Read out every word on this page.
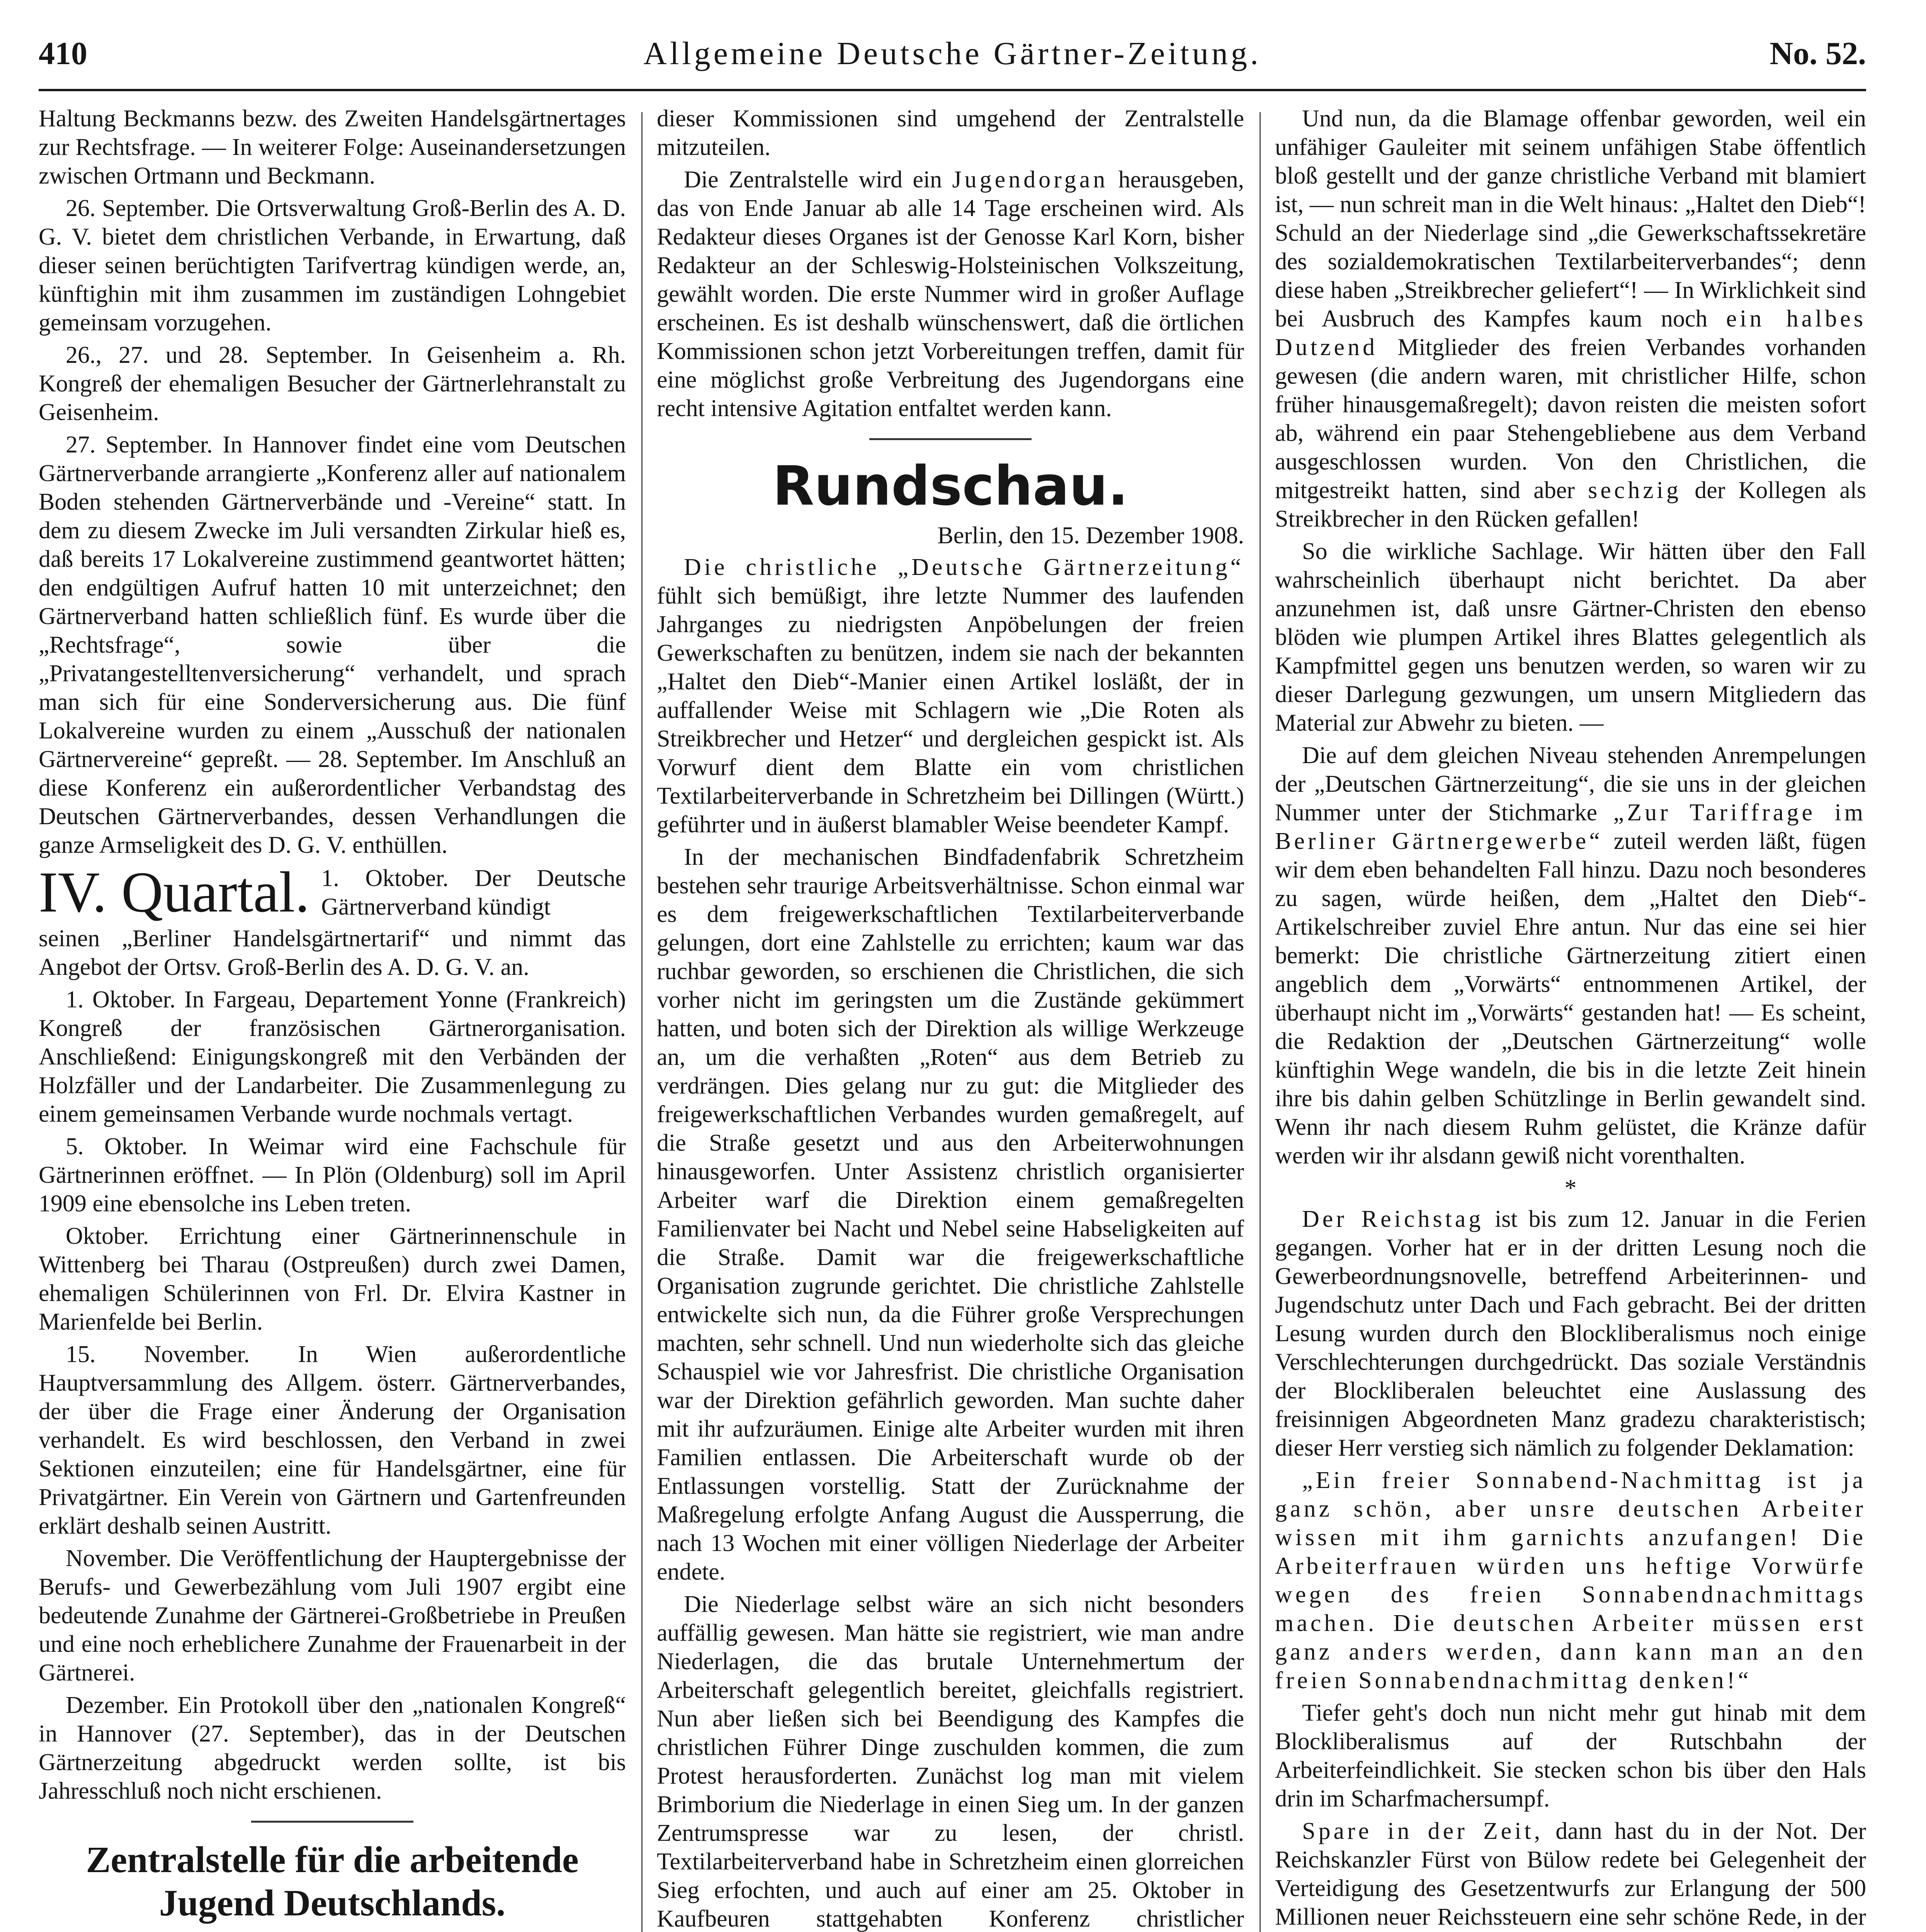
410	Allgemeine Deutsche Gärtner-Zeitung.	No. 52.

Haltung Beckmanns bezw. des Zweiten Handelsgärtnertages zur Rechtsfrage. — In weiterer Folge: Auseinandersetzungen zwischen Ortmann und Beckmann.

26. September. Die Ortsverwaltung Groß-Berlin des A. D. G. V. bietet dem christlichen Verbande, in Erwartung, daß dieser seinen berüchtigten Tarifvertrag kündigen werde, an, künftighin mit ihm zusammen im zuständigen Lohngebiet gemeinsam vorzugehen.

26., 27. und 28. September. In Geisenheim a. Rh. Kongreß der ehemaligen Besucher der Gärtnerlehranstalt zu Geisenheim.

27. September. In Hannover findet eine vom Deutschen Gärtnerverbande arrangierte „Konferenz aller auf nationalem Boden stehenden Gärtnerverbände und -Vereine“ statt. In dem zu diesem Zwecke im Juli versandten Zirkular hieß es, daß bereits 17 Lokalvereine zustimmend geantwortet hätten; den endgültigen Aufruf hatten 10 mit unterzeichnet; den Gärtnerverband hatten schließlich fünf. Es wurde über die „Rechtsfrage“, sowie über die „Privatangestelltenversicherung“ verhandelt, und sprach man sich für eine Sonderversicherung aus. Die fünf Lokalvereine wurden zu einem „Ausschuß der nationalen Gärtnervereine“ gepreßt. — 28. September. Im Anschluß an diese Konferenz ein außerordentlicher Verbandstag des Deutschen Gärtnerverbandes, dessen Verhandlungen die ganze Armseligkeit des D. G. V. enthüllen.

IV. Quartal. 1. Oktober. Der Deutsche Gärtnerverband kündigt

seinen „Berliner Handelsgärtnertarif“ und nimmt das Angebot der Ortsv. Groß-Berlin des A. D. G. V. an.

1. Oktober. In Fargeau, Departement Yonne (Frankreich) Kongreß der französischen Gärtnerorganisation. Anschließend: Einigungskongreß mit den Verbänden der Holzfäller und der Landarbeiter. Die Zusammenlegung zu einem gemeinsamen Verbande wurde nochmals vertagt.

5. Oktober. In Weimar wird eine Fachschule für Gärtnerinnen eröffnet. — In Plön (Oldenburg) soll im April 1909 eine ebensolche ins Leben treten.

Oktober. Errichtung einer Gärtnerinnenschule in Wittenberg bei Tharau (Ostpreußen) durch zwei Damen, ehemaligen Schülerinnen von Frl. Dr. Elvira Kastner in Marienfelde bei Berlin.

15. November. In Wien außerordentliche Hauptversammlung des Allgem. österr. Gärtnerverbandes, der über die Frage einer Änderung der Organisation verhandelt. Es wird beschlossen, den Verband in zwei Sektionen einzuteilen; eine für Handelsgärtner, eine für Privatgärtner. Ein Verein von Gärtnern und Gartenfreunden erklärt deshalb seinen Austritt.

November. Die Veröffentlichung der Hauptergebnisse der Berufs- und Gewerbezählung vom Juli 1907 ergibt eine bedeutende Zunahme der Gärtnerei-Großbetriebe in Preußen und eine noch erheblichere Zunahme der Frauenarbeit in der Gärtnerei.

Dezember. Ein Protokoll über den „nationalen Kongreß“ in Hannover (27. September), das in der Deutschen Gärtnerzeitung abgedruckt werden sollte, ist bis Jahresschluß noch nicht erschienen.

Zentralstelle für die arbeitende
Jugend Deutschlands.

dieser Kommissionen sind umgehend der Zentralstelle mitzuteilen.

Die Zentralstelle wird ein Jugendorgan herausgeben, das von Ende Januar ab alle 14 Tage erscheinen wird. Als Redakteur dieses Organes ist der Genosse Karl Korn, bisher Redakteur an der Schleswig-Holsteinischen Volkszeitung, gewählt worden. Die erste Nummer wird in großer Auflage erscheinen. Es ist deshalb wünschenswert, daß die örtlichen Kommissionen schon jetzt Vorbereitungen treffen, damit für eine möglichst große Verbreitung des Jugendorgans eine recht intensive Agitation entfaltet werden kann.

Rundschau.
Berlin, den 15. Dezember 1908.

Die christliche „Deutsche Gärtnerzeitung“ fühlt sich bemüßigt, ihre letzte Nummer des laufenden Jahrganges zu niedrigsten Anpöbelungen der freien Gewerkschaften zu benützen, indem sie nach der bekannten „Haltet den Dieb“-Manier einen Artikel losläßt, der in auffallender Weise mit Schlagern wie „Die Roten als Streikbrecher und Hetzer“ und dergleichen gespickt ist. Als Vorwurf dient dem Blatte ein vom christlichen Textilarbeiterverbande in Schretzheim bei Dillingen (Württ.) geführter und in äußerst blamabler Weise beendeter Kampf.

In der mechanischen Bindfadenfabrik Schretzheim bestehen sehr traurige Arbeitsverhältnisse. Schon einmal war es dem freigewerkschaftlichen Textilarbeiterverbande gelungen, dort eine Zahlstelle zu errichten; kaum war das ruchbar geworden, so erschienen die Christlichen, die sich vorher nicht im geringsten um die Zustände gekümmert hatten, und boten sich der Direktion als willige Werkzeuge an, um die verhaßten „Roten“ aus dem Betrieb zu verdrängen. Dies gelang nur zu gut: die Mitglieder des freigewerkschaftlichen Verbandes wurden gemaßregelt, auf die Straße gesetzt und aus den Arbeiterwohnungen hinausgeworfen. Unter Assistenz christlich organisierter Arbeiter warf die Direktion einem gemaßregelten Familienvater bei Nacht und Nebel seine Habseligkeiten auf die Straße. Damit war die freigewerkschaftliche Organisation zugrunde gerichtet. Die christliche Zahlstelle entwickelte sich nun, da die Führer große Versprechungen machten, sehr schnell. Und nun wiederholte sich das gleiche Schauspiel wie vor Jahresfrist. Die christliche Organisation war der Direktion gefährlich geworden. Man suchte daher mit ihr aufzuräumen. Einige alte Arbeiter wurden mit ihren Familien entlassen. Die Arbeiterschaft wurde ob der Entlassungen vorstellig. Statt der Zurücknahme der Maßregelung erfolgte Anfang August die Aussperrung, die nach 13 Wochen mit einer völligen Niederlage der Arbeiter endete.

Die Niederlage selbst wäre an sich nicht besonders auffällig gewesen. Man hätte sie registriert, wie man andre Niederlagen, die das brutale Unternehmertum der Arbeiterschaft gelegentlich bereitet, gleichfalls registriert. Nun aber ließen sich bei Beendigung des Kampfes die christlichen Führer Dinge zuschulden kommen, die zum Protest herausforderten. Zunächst log man mit vielem Brimborium die Niederlage in einen Sieg um. In der ganzen Zentrumspresse war zu lesen, der christl. Textilarbeiterverband habe in Schretzheim einen glorreichen Sieg erfochten, und auch auf einer am 25. Oktober in Kaufbeuren stattgehabten Konferenz christlicher

Und nun, da die Blamage offenbar geworden, weil ein unfähiger Gauleiter mit seinem unfähigen Stabe öffentlich bloß gestellt und der ganze christliche Verband mit blamiert ist, — nun schreit man in die Welt hinaus: „Haltet den Dieb“! Schuld an der Niederlage sind „die Gewerkschaftssekretäre des sozialdemokratischen Textilarbeiterverbandes“; denn diese haben „Streikbrecher geliefert“! — In Wirklichkeit sind bei Ausbruch des Kampfes kaum noch ein halbes Dutzend Mitglieder des freien Verbandes vorhanden gewesen (die andern waren, mit christlicher Hilfe, schon früher hinausgemaßregelt); davon reisten die meisten sofort ab, während ein paar Stehengebliebene aus dem Verband ausgeschlossen wurden. Von den Christlichen, die mitgestreikt hatten, sind aber sechzig der Kollegen als Streikbrecher in den Rücken gefallen!

So die wirkliche Sachlage. Wir hätten über den Fall wahrscheinlich überhaupt nicht berichtet. Da aber anzunehmen ist, daß unsre Gärtner-Christen den ebenso blöden wie plumpen Artikel ihres Blattes gelegentlich als Kampfmittel gegen uns benutzen werden, so waren wir zu dieser Darlegung gezwungen, um unsern Mitgliedern das Material zur Abwehr zu bieten. —

Die auf dem gleichen Niveau stehenden Anrempelungen der „Deutschen Gärtnerzeitung“, die sie uns in der gleichen Nummer unter der Stichmarke „Zur Tariffrage im Berliner Gärtnergewerbe“ zuteil werden läßt, fügen wir dem eben behandelten Fall hinzu. Dazu noch besonderes zu sagen, würde heißen, dem „Haltet den Dieb“-Artikelschreiber zuviel Ehre antun. Nur das eine sei hier bemerkt: Die christliche Gärtnerzeitung zitiert einen angeblich dem „Vorwärts“ entnommenen Artikel, der überhaupt nicht im „Vorwärts“ gestanden hat! — Es scheint, die Redaktion der „Deutschen Gärtnerzeitung“ wolle künftighin Wege wandeln, die bis in die letzte Zeit hinein ihre bis dahin gelben Schützlinge in Berlin gewandelt sind. Wenn ihr nach diesem Ruhm gelüstet, die Kränze dafür werden wir ihr alsdann gewiß nicht vorenthalten.

*

Der Reichstag ist bis zum 12. Januar in die Ferien gegangen. Vorher hat er in der dritten Lesung noch die Gewerbeordnungsnovelle, betreffend Arbeiterinnen- und Jugendschutz unter Dach und Fach gebracht. Bei der dritten Lesung wurden durch den Blockliberalismus noch einige Verschlechterungen durchgedrückt. Das soziale Verständnis der Blockliberalen beleuchtet eine Auslassung des freisinnigen Abgeordneten Manz gradezu charakteristisch; dieser Herr verstieg sich nämlich zu folgender Deklamation:

„Ein freier Sonnabend-Nachmittag ist ja ganz schön, aber unsre deutschen Arbeiter wissen mit ihm garnichts anzufangen! Die Arbeiterfrauen würden uns heftige Vorwürfe wegen des freien Sonnabendnachmittags machen. Die deutschen Arbeiter müssen erst ganz anders werden, dann kann man an den freien Sonnabendnachmittag denken!“

Tiefer geht's doch nun nicht mehr gut hinab mit dem Blockliberalismus auf der Rutschbahn der Arbeiterfeindlichkeit. Sie stecken schon bis über den Hals drin im Scharfmachersumpf.

Spare in der Zeit, dann hast du in der Not. Der Reichskanzler Fürst von Bülow redete bei Gelegenheit der Verteidigung des Gesetzentwurfs zur Erlangung der 500 Millionen neuer Reichssteuern eine sehr schöne Rede, in der
